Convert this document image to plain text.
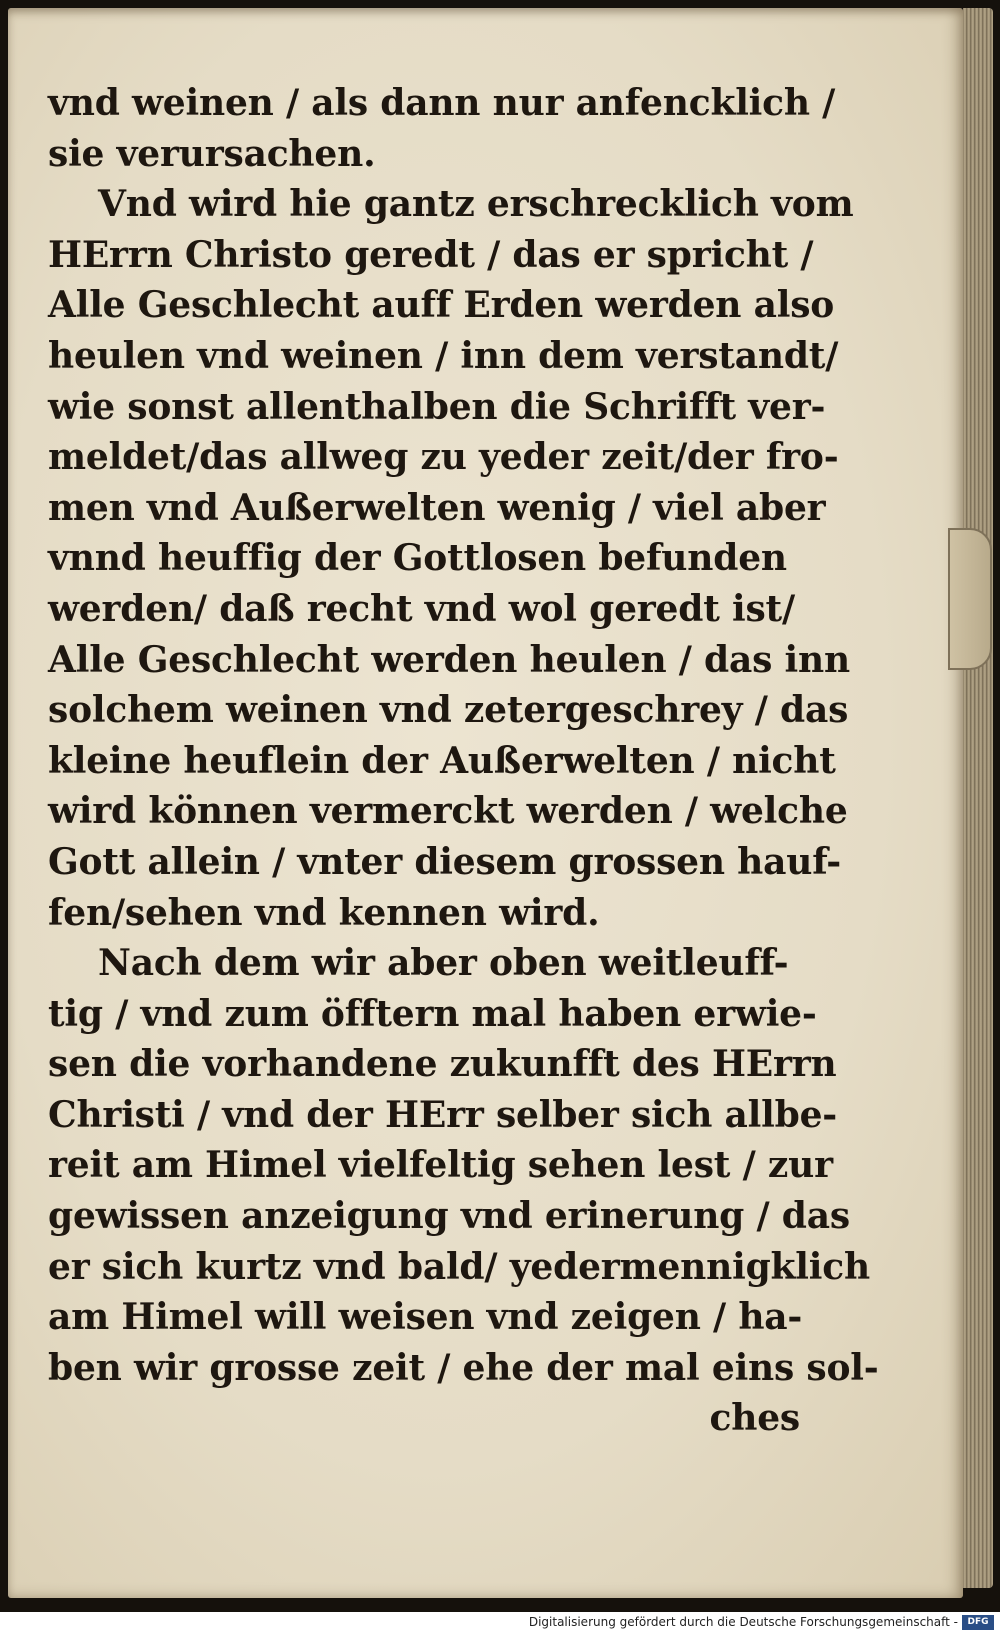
vnd weinen / als dann nur anfencklich /
sie verursachen.
Vnd wird hie gantz erschrecklich vom
HErrn Christo geredt / das er spricht /
Alle Geschlecht auff Erden werden also
heulen vnd weinen / inn dem verstandt/
wie sonst allenthalben die Schrifft ver-
meldet/das allweg zu yeder zeit/der fro-
men vnd Außerwelten wenig / viel aber
vnnd heuffig der Gottlosen befunden
werden/ daß recht vnd wol geredt ist/
Alle Geschlecht werden heulen / das inn
solchem weinen vnd zetergeschrey / das
kleine heuflein der Außerwelten / nicht
wird können vermerckt werden / welche
Gott allein / vnter diesem grossen hauf-
fen/sehen vnd kennen wird.
Nach dem wir aber oben weitleuff-
tig / vnd zum öfftern mal haben erwie-
sen die vorhandene zukunfft des HErrn
Christi / vnd der HErr selber sich allbe-
reit am Himel vielfeltig sehen lest / zur
gewissen anzeigung vnd erinerung / das
er sich kurtz vnd bald/ yedermennigklich
am Himel will weisen vnd zeigen / ha-
ben wir grosse zeit / ehe der mal eins sol-
ches
Digitalisierung gefördert durch die Deutsche Forschungsgemeinschaft -	DFG
